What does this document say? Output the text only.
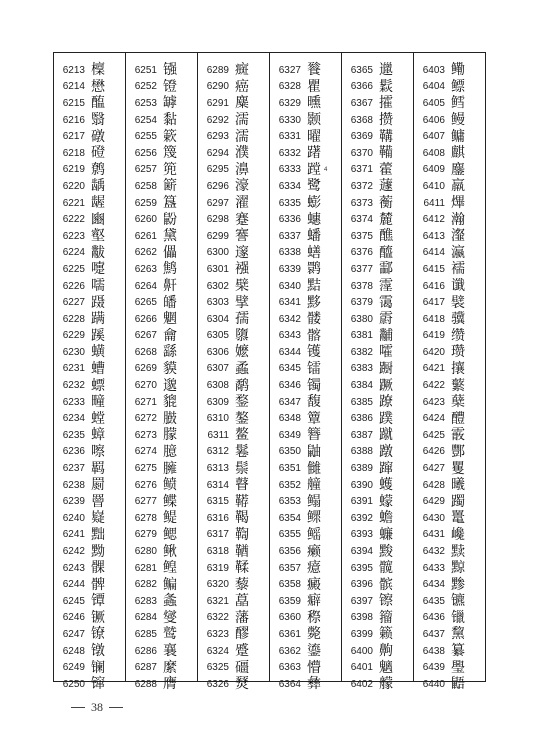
6213 檁
6214 懋
6215 醢
6216 翳
6217 礅
6218 磴
6219 鹩
6220 龋
6221 龌
6222 豳
6223 壑
6224 黻
6225 嚏
6226 嚅
6227 蹑
6228 蹒
6229 蹊
6230 蟥
6231 螬
6232 螵
6233 疃
6234 螳
6235 蟑
6236 嚓
6237 羁
6238 罽
6239 罾
6240 嶷
6241 黜
6242 黝
6243 髁
6244 髀
6245 镡
6246 镢
6247 镣
6248 镦
6249 镧
6250 镩
6251 镪
6252 镫
6253 罅
6254 黏
6255 簌
6256 篾
6257 篼
6258 簖
6259 簋
6260 鼢
6261 黛
6262 儡
6263 鹪
6264 鼾
6265 皤
6266 魍
6267 龠
6268 繇
6269 貘
6270 邈
6271 貔
6272 臌
6273 朦
6274 臆
6275 臃
6276 鲼
6277 鲽
6278 鳀
6279 鳃
6280 鳅
6281 鳇
6282 鳊
6283 螽
6284 燮
6285 鹫
6286 襄
6287 縻
6288 膺
6289 癍
6290 癌
6291 麋
6292 濡
6293 濡
6294 濮
6295 濞
6296 濠
6297 濯
6298 蹇
6299 謇
6300 邃
6301 襁
6302 檗
6303 擘
6304 孺
6305 隳
6306 嬷
6307 蟊
6308 鹬
6309 鍪
6310 鏊
6311 鳌
6312 鬈
6313 鬃
6314 瞽
6315 鞯
6316 鞨
6317 鞫
6318 鞧
6319 鞣
6320 藜
6321 藠
6322 藩
6323 醪
6324 蹙
6325 礓
6326 燹
6327 餮
6328 瞿
6329 曛
6330 颢
6331 曜
6332 躇
6333 蹚 4
6334 鹭
6335 蟛
6336 蟪
6337 蟠
6338 蟮
6339 鹮
6340 黠
6341 黟
6342 髅
6343 髂
6344 镬
6345 镭
6346 镯
6347 馥
6348 簟
6349 簪
6350 鼬
6351 雠
6352 艟
6353 鳎
6354 鳏
6355 鳐
6356 癞
6357 癔
6358 癜
6359 癖
6360 穄
6361 斃
6362 鎏
6363 懵
6364 彝
6365 邋
6366 鬏
6367 攉
6368 攒
6369 鞲
6370 鞴
6371 藿
6372 蘧
6373 蘅
6374 麓
6375 醮
6376 醯
6377 酃
6378 霪
6379 霭
6380 霨
6381 黼
6382 嚯
6383 蹰
6384 蹶
6385 蹽
6386 蹼
6387 蹴
6388 蹾
6389 蹿
6390 蠖
6391 蠓
6392 蟾
6393 蠊
6394 黢
6395 髋
6396 髌
6397 镲
6398 籀
6399 籁
6400 齁
6401 魑
6402 艨
6403 鳓
6404 鳔
6405 鳕
6406 鳗
6407 鳙
6408 麒
6409 鏖
6410 羸
6411 熚
6412 瀚
6413 瀣
6414 瀛
6415 襦
6416 谶
6417 襞
6418 骥
6419 缵
6420 瓒
6421 攘
6422 蘩
6423 蘖
6424 醴
6425 霰
6426 酆
6427 矍
6428 曦
6429 躅
6430 鼍
6431 巉
6432 黩
6433 黥
6434 黪
6435 镳
6436 镴
6437 黧
6438 纂
6439 璺
6440 鼯
38
